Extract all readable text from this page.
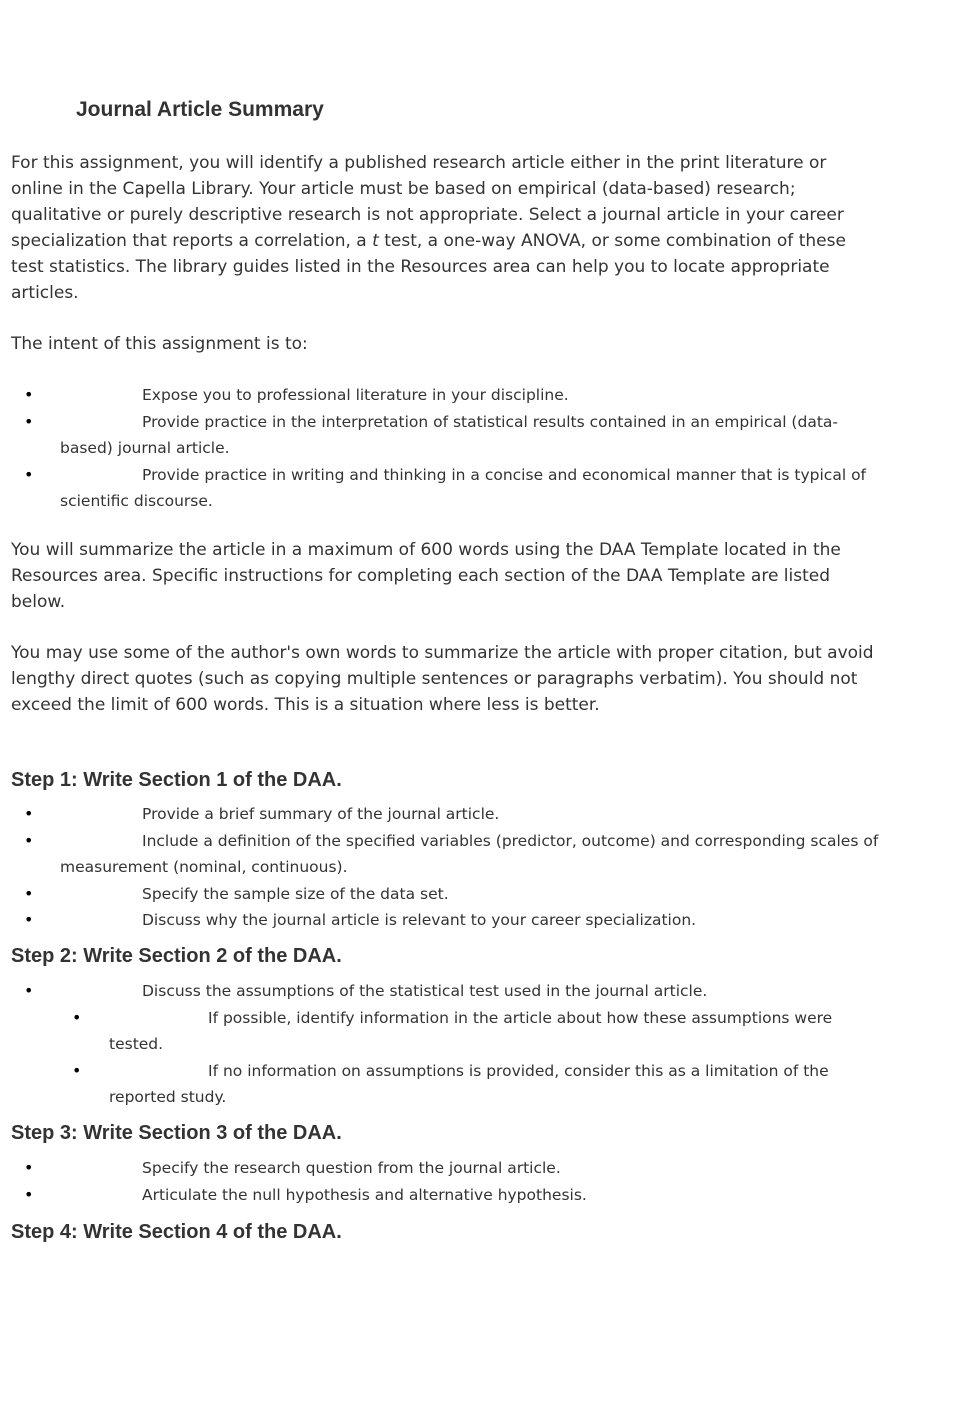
Journal Article Summary

For this assignment, you will identify a published research article either in the print literature or online in the Capella Library. Your article must be based on empirical (data-based) research; qualitative or purely descriptive research is not appropriate. Select a journal article in your career specialization that reports a correlation, a t test, a one-way ANOVA, or some combination of these test statistics. The library guides listed in the Resources area can help you to locate appropriate articles.

The intent of this assignment is to:

•	Expose you to professional literature in your discipline.
•	Provide practice in the interpretation of statistical results contained in an empirical (data-based) journal article.
•	Provide practice in writing and thinking in a concise and economical manner that is typical of scientific discourse.

You will summarize the article in a maximum of 600 words using the DAA Template located in the Resources area. Specific instructions for completing each section of the DAA Template are listed below.

You may use some of the author's own words to summarize the article with proper citation, but avoid lengthy direct quotes (such as copying multiple sentences or paragraphs verbatim). You should not exceed the limit of 600 words. This is a situation where less is better.

Step 1: Write Section 1 of the DAA.
•	Provide a brief summary of the journal article.
•	Include a definition of the specified variables (predictor, outcome) and corresponding scales of measurement (nominal, continuous).
•	Specify the sample size of the data set.
•	Discuss why the journal article is relevant to your career specialization.
Step 2: Write Section 2 of the DAA.
•	Discuss the assumptions of the statistical test used in the journal article.
•	If possible, identify information in the article about how these assumptions were tested.
•	If no information on assumptions is provided, consider this as a limitation of the reported study.
Step 3: Write Section 3 of the DAA.
•	Specify the research question from the journal article.
•	Articulate the null hypothesis and alternative hypothesis.
Step 4: Write Section 4 of the DAA.
